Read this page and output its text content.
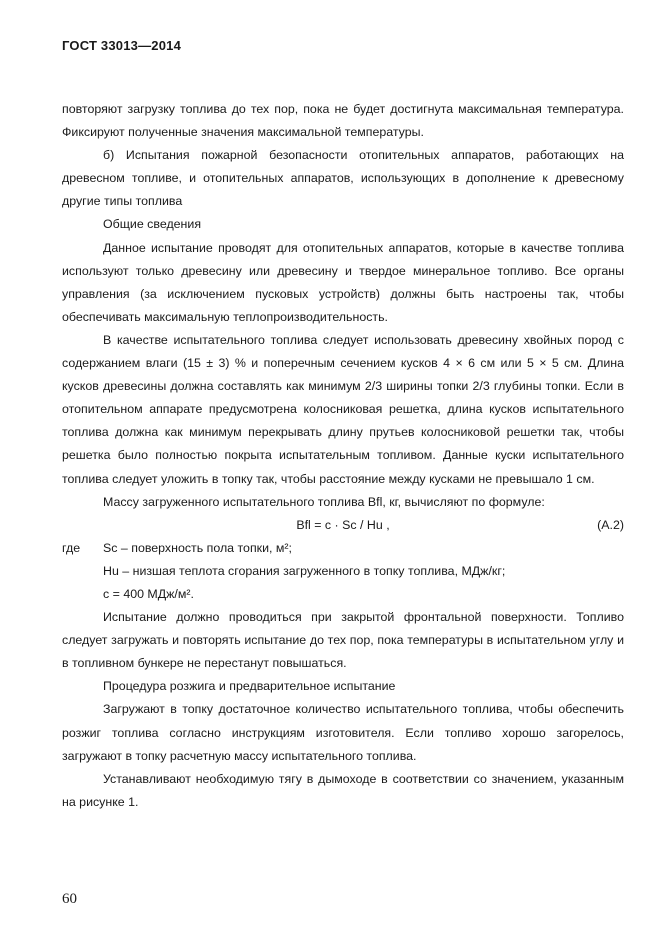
ГОСТ 33013—2014

повторяют загрузку топлива до тех пор, пока не будет достигнута максимальная температура. Фиксируют полученные значения максимальной температуры.

б) Испытания пожарной безопасности отопительных аппаратов, работающих на древесном топливе, и отопительных аппаратов, использующих в дополнение к древесному другие типы топлива

Общие сведения

Данное испытание проводят для отопительных аппаратов, которые в качестве топлива используют только древесину или древесину и твердое минеральное топливо. Все органы управления (за исключением пусковых устройств) должны быть настроены так, чтобы обеспечивать максимальную теплопроизводительность.

В качестве испытательного топлива следует использовать древесину хвойных пород с содержанием влаги (15 ± 3) % и поперечным сечением кусков 4 × 6 см или 5 × 5 см. Длина кусков древесины должна составлять как минимум 2/3 ширины топки 2/3 глубины топки. Если в отопительном аппарате предусмотрена колосниковая решетка, длина кусков испытательного топлива должна как минимум перекрывать длину прутьев колосниковой решетки так, чтобы решетка было полностью покрыта испытательным топливом. Данные куски испытательного топлива следует уложить в топку так, чтобы расстояние между кусками не превышало 1 см.

Массу загруженного испытательного топлива Bfl, кг, вычисляют по формуле:

Bfl = c · Sc / Hu ,	(A.2)
где	Sc – поверхность пола топки, м²;
Hu – низшая теплота сгорания загруженного в топку топлива, МДж/кг;
c = 400 МДж/м².

Испытание должно проводиться при закрытой фронтальной поверхности. Топливо следует загружать и повторять испытание до тех пор, пока температуры в испытательном углу и в топливном бункере не перестанут повышаться.

Процедура розжига и предварительное испытание

Загружают в топку достаточное количество испытательного топлива, чтобы обеспечить розжиг топлива согласно инструкциям изготовителя. Если топливо хорошо загорелось, загружают в топку расчетную массу испытательного топлива.

Устанавливают необходимую тягу в дымоходе в соответствии со значением, указанным на рисунке 1.

60
